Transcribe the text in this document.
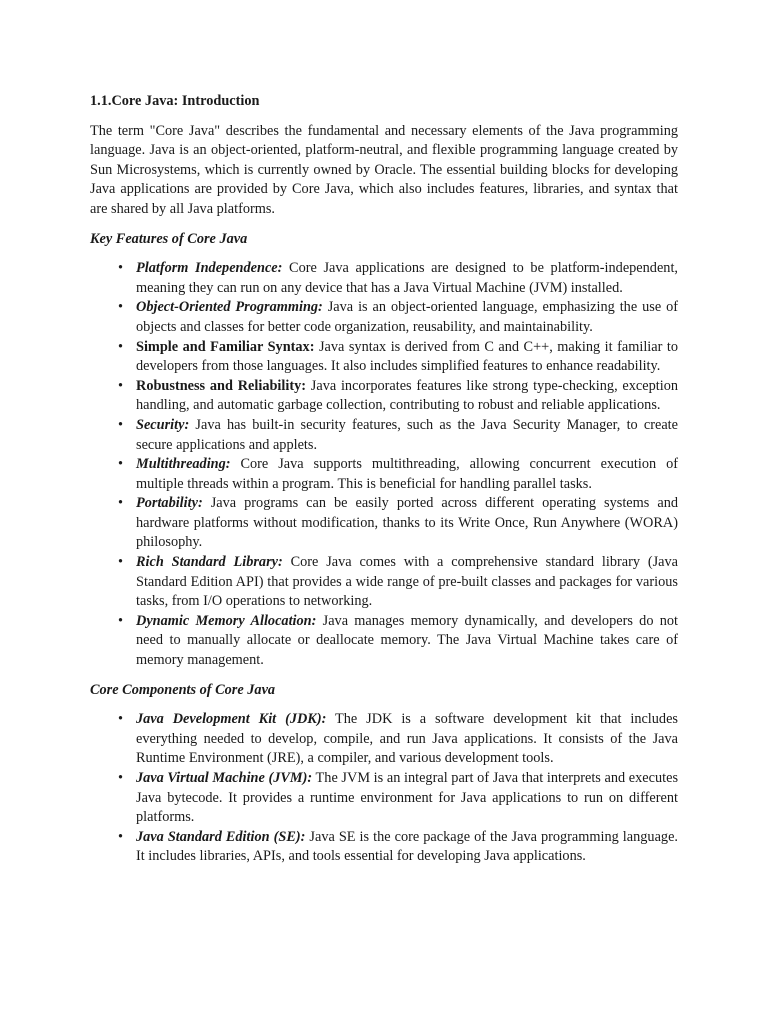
1.1.Core Java: Introduction

The term "Core Java" describes the fundamental and necessary elements of the Java programming language. Java is an object-oriented, platform-neutral, and flexible programming language created by Sun Microsystems, which is currently owned by Oracle. The essential building blocks for developing Java applications are provided by Core Java, which also includes features, libraries, and syntax that are shared by all Java platforms.

Key Features of Core Java
• Platform Independence: Core Java applications are designed to be platform-independent, meaning they can run on any device that has a Java Virtual Machine (JVM) installed.
• Object-Oriented Programming: Java is an object-oriented language, emphasizing the use of objects and classes for better code organization, reusability, and maintainability.
• Simple and Familiar Syntax: Java syntax is derived from C and C++, making it familiar to developers from those languages. It also includes simplified features to enhance readability.
• Robustness and Reliability: Java incorporates features like strong type-checking, exception handling, and automatic garbage collection, contributing to robust and reliable applications.
• Security: Java has built-in security features, such as the Java Security Manager, to create secure applications and applets.
• Multithreading: Core Java supports multithreading, allowing concurrent execution of multiple threads within a program. This is beneficial for handling parallel tasks.
• Portability: Java programs can be easily ported across different operating systems and hardware platforms without modification, thanks to its Write Once, Run Anywhere (WORA) philosophy.
• Rich Standard Library: Core Java comes with a comprehensive standard library (Java Standard Edition API) that provides a wide range of pre-built classes and packages for various tasks, from I/O operations to networking.
• Dynamic Memory Allocation: Java manages memory dynamically, and developers do not need to manually allocate or deallocate memory. The Java Virtual Machine takes care of memory management.
Core Components of Core Java
• Java Development Kit (JDK): The JDK is a software development kit that includes everything needed to develop, compile, and run Java applications. It consists of the Java Runtime Environment (JRE), a compiler, and various development tools.
• Java Virtual Machine (JVM): The JVM is an integral part of Java that interprets and executes Java bytecode. It provides a runtime environment for Java applications to run on different platforms.
• Java Standard Edition (SE): Java SE is the core package of the Java programming language. It includes libraries, APIs, and tools essential for developing Java applications.
